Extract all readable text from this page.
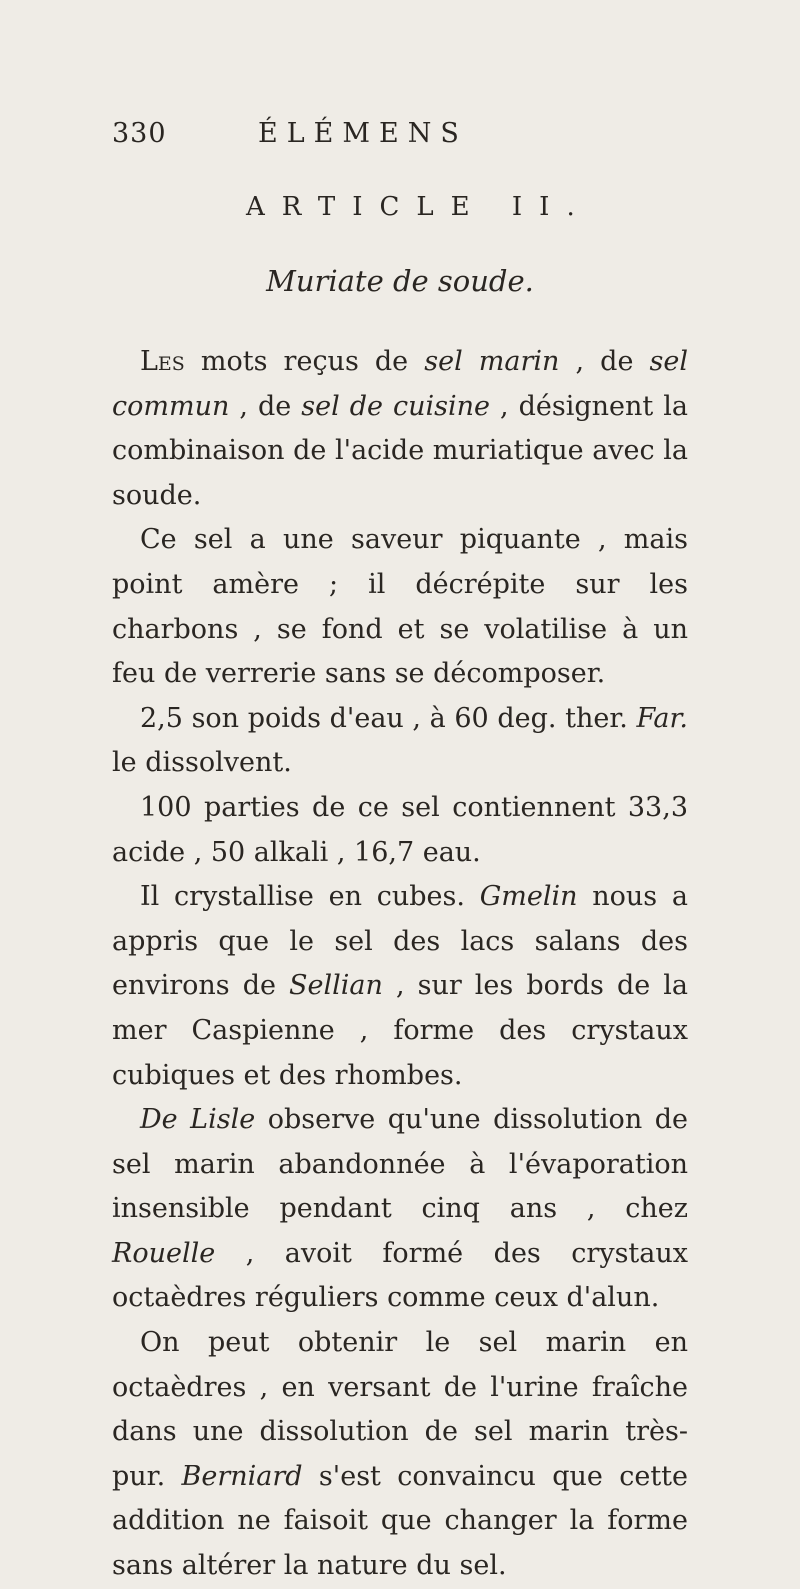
330	ÉLÉMENS
ARTICLE II.
Muriate de soude.

Les mots reçus de sel marin , de sel commun , de sel de cuisine , désignent la combinaison de l'acide muriatique avec la soude.

Ce sel a une saveur piquante , mais point amère ; il décrépite sur les charbons , se fond et se volatilise à un feu de verrerie sans se décomposer.

2,5 son poids d'eau , à 60 deg. ther. Far. le dissolvent.

100 parties de ce sel contiennent 33,3 acide , 50 alkali , 16,7 eau.

Il crystallise en cubes. Gmelin nous a appris que le sel des lacs salans des environs de Sellian , sur les bords de la mer Caspienne , forme des crystaux cubiques et des rhombes.

De Lisle observe qu'une dissolution de sel marin abandonnée à l'évaporation insensible pendant cinq ans , chez Rouelle , avoit formé des crystaux octaèdres réguliers comme ceux d'alun.

On peut obtenir le sel marin en octaèdres , en versant de l'urine fraîche dans une dissolution de sel marin très-pur. Berniard s'est convaincu que cette addition ne faisoit que changer la forme sans altérer la nature du sel.
